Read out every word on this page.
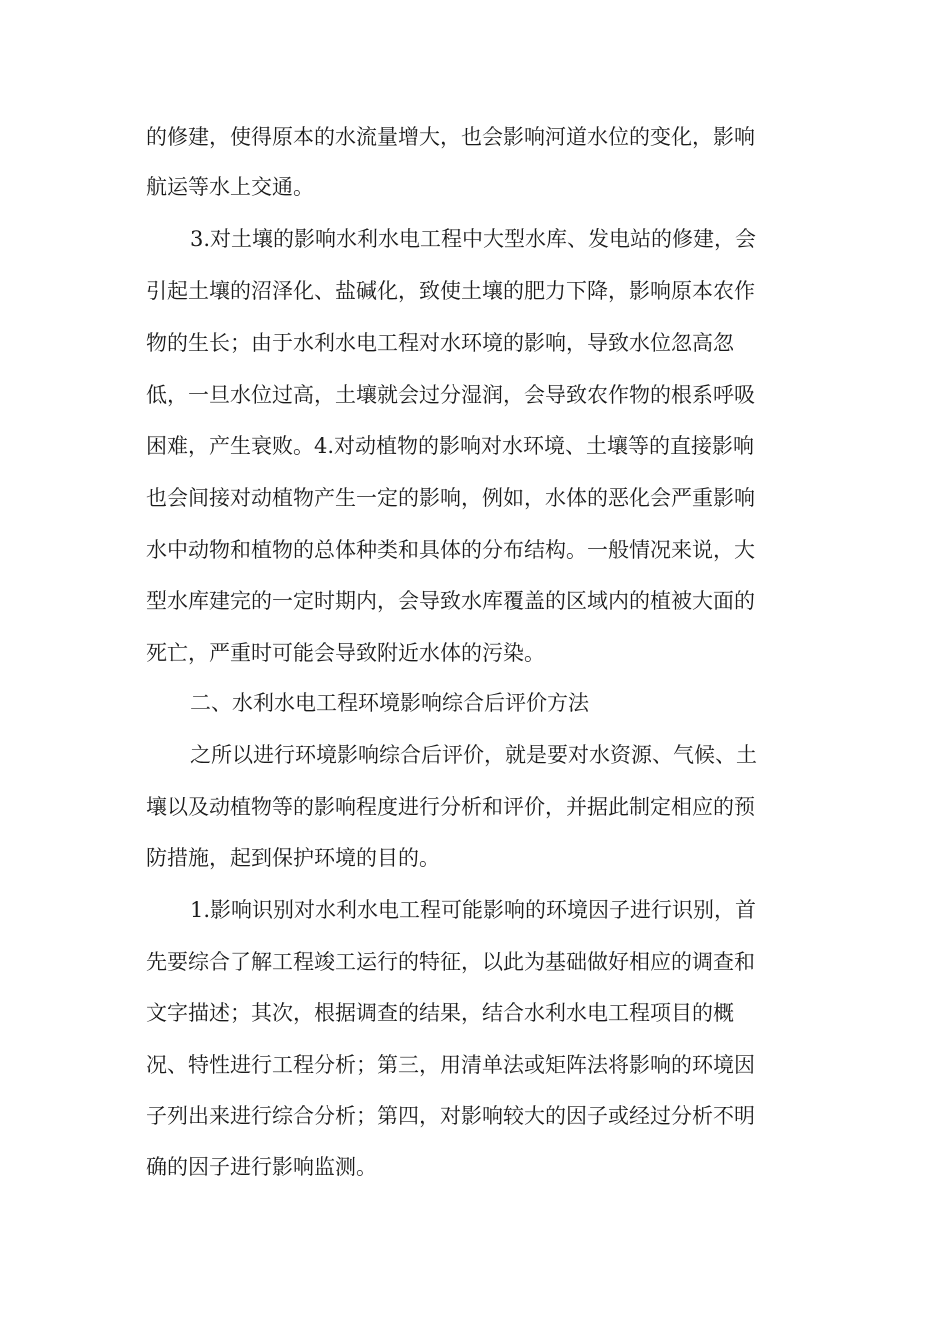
的修建，使得原本的水流量增大，也会影响河道水位的变化，影响

航运等水上交通。

3.对土壤的影响水利水电工程中大型水库、发电站的修建，会

引起土壤的沼泽化、盐碱化，致使土壤的肥力下降，影响原本农作

物的生长；由于水利水电工程对水环境的影响，导致水位忽高忽

低，一旦水位过高，土壤就会过分湿润，会导致农作物的根系呼吸

困难，产生衰败。4.对动植物的影响对水环境、土壤等的直接影响

也会间接对动植物产生一定的影响，例如，水体的恶化会严重影响

水中动物和植物的总体种类和具体的分布结构。一般情况来说，大

型水库建完的一定时期内，会导致水库覆盖的区域内的植被大面的

死亡，严重时可能会导致附近水体的污染。

二、水利水电工程环境影响综合后评价方法

之所以进行环境影响综合后评价，就是要对水资源、气候、土

壤以及动植物等的影响程度进行分析和评价，并据此制定相应的预

防措施，起到保护环境的目的。

1.影响识别对水利水电工程可能影响的环境因子进行识别，首

先要综合了解工程竣工运行的特征，以此为基础做好相应的调查和

文字描述；其次，根据调查的结果，结合水利水电工程项目的概

况、特性进行工程分析；第三，用清单法或矩阵法将影响的环境因

子列出来进行综合分析；第四，对影响较大的因子或经过分析不明

确的因子进行影响监测。
